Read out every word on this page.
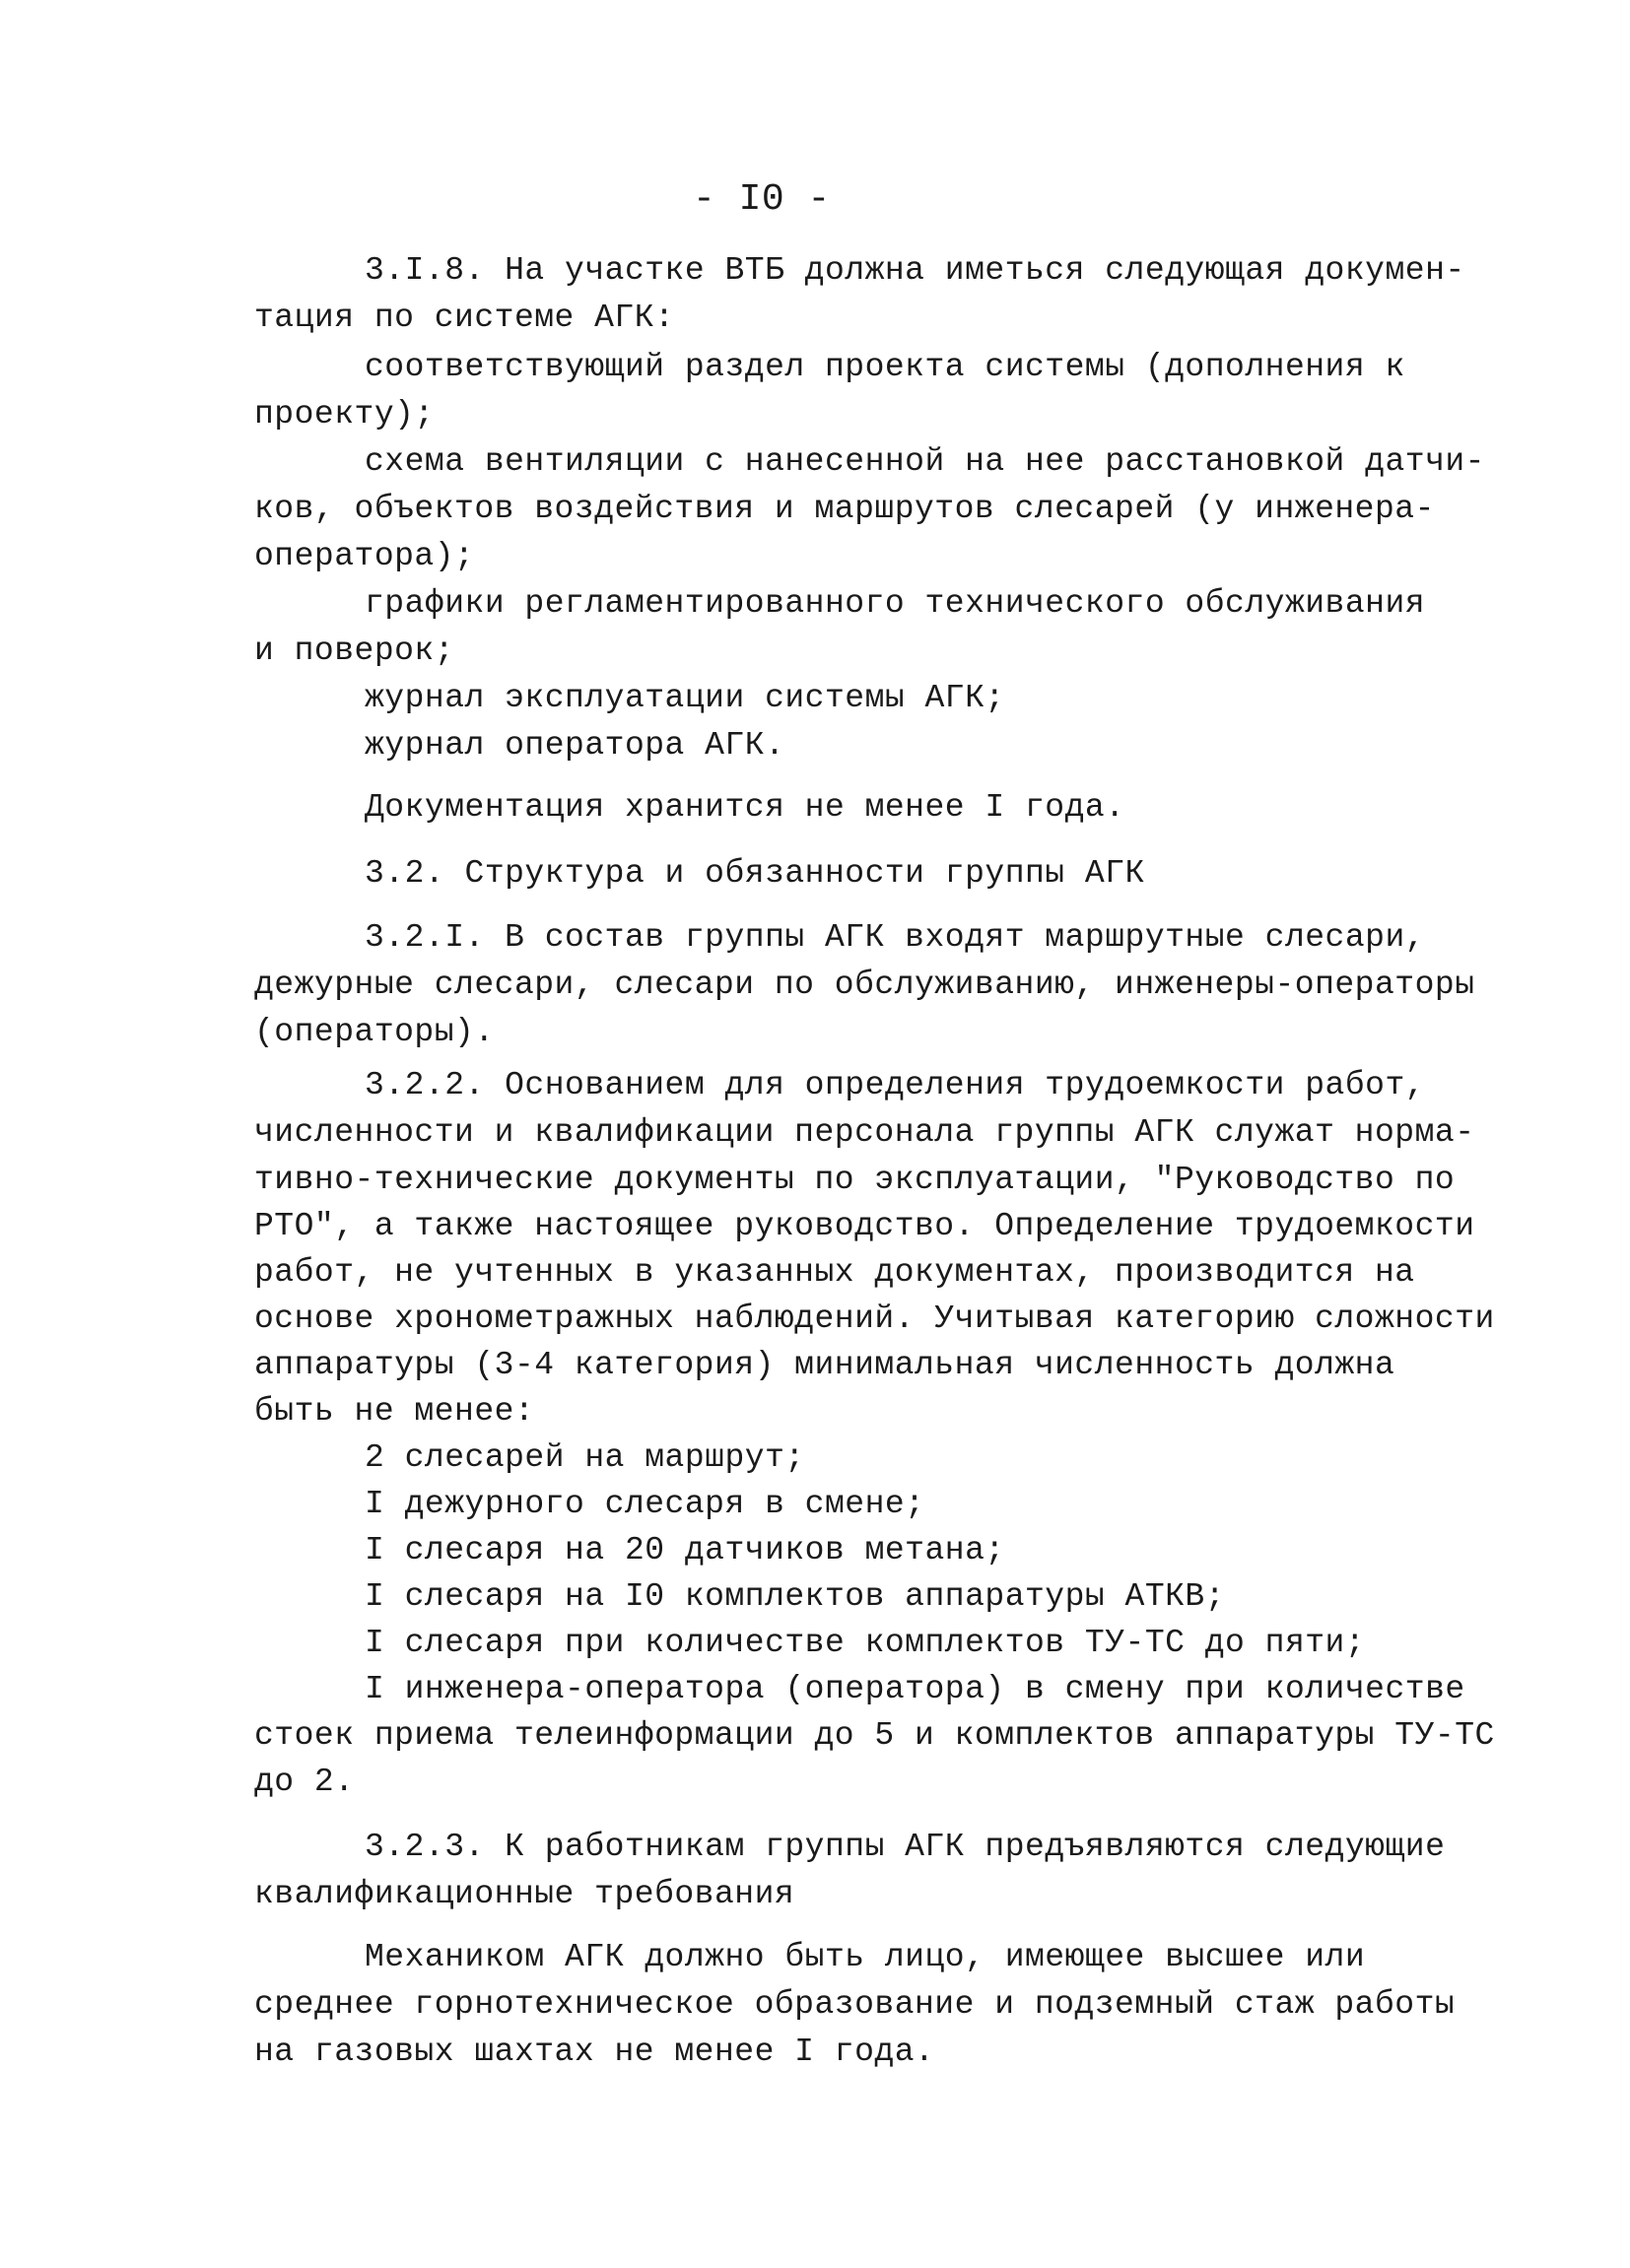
- I0 -
3.I.8. На участке ВТБ должна иметься следующая докумен-
тация по системе АГК:
соответствующий раздел проекта системы (дополнения к
проекту);
схема вентиляции с нанесенной на нее расстановкой датчи-
ков, объектов воздействия и маршрутов слесарей (у инженера-
оператора);
графики регламентированного технического обслуживания
и поверок;
журнал эксплуатации системы АГК;
журнал оператора АГК.
Документация хранится не менее I года.
3.2. Структура и обязанности группы АГК
3.2.I. В состав группы АГК входят маршрутные слесари,
дежурные слесари, слесари по обслуживанию, инженеры-операторы
(операторы).
3.2.2. Основанием для определения трудоемкости работ,
численности и квалификации персонала группы АГК служат норма-
тивно-технические документы по эксплуатации, "Руководство по
РТО", а также настоящее руководство. Определение трудоемкости
работ, не учтенных в указанных документах, производится на
основе хронометражных наблюдений. Учитывая категорию сложности
аппаратуры (3-4 категория) минимальная численность должна
быть не менее:
2 слесарей на маршрут;
I дежурного слесаря в смене;
I слесаря на 20 датчиков метана;
I слесаря на I0 комплектов аппаратуры АТКВ;
I слесаря при количестве комплектов ТУ-ТС до пяти;
I инженера-оператора (оператора) в смену при количестве
стоек приема телеинформации до 5 и комплектов аппаратуры ТУ-ТС
до 2.
3.2.3. К работникам группы АГК предъявляются следующие
квалификационные требования
Механиком АГК должно быть лицо, имеющее высшее или
среднее горнотехническое образование и подземный стаж работы
на газовых шахтах не менее I года.
